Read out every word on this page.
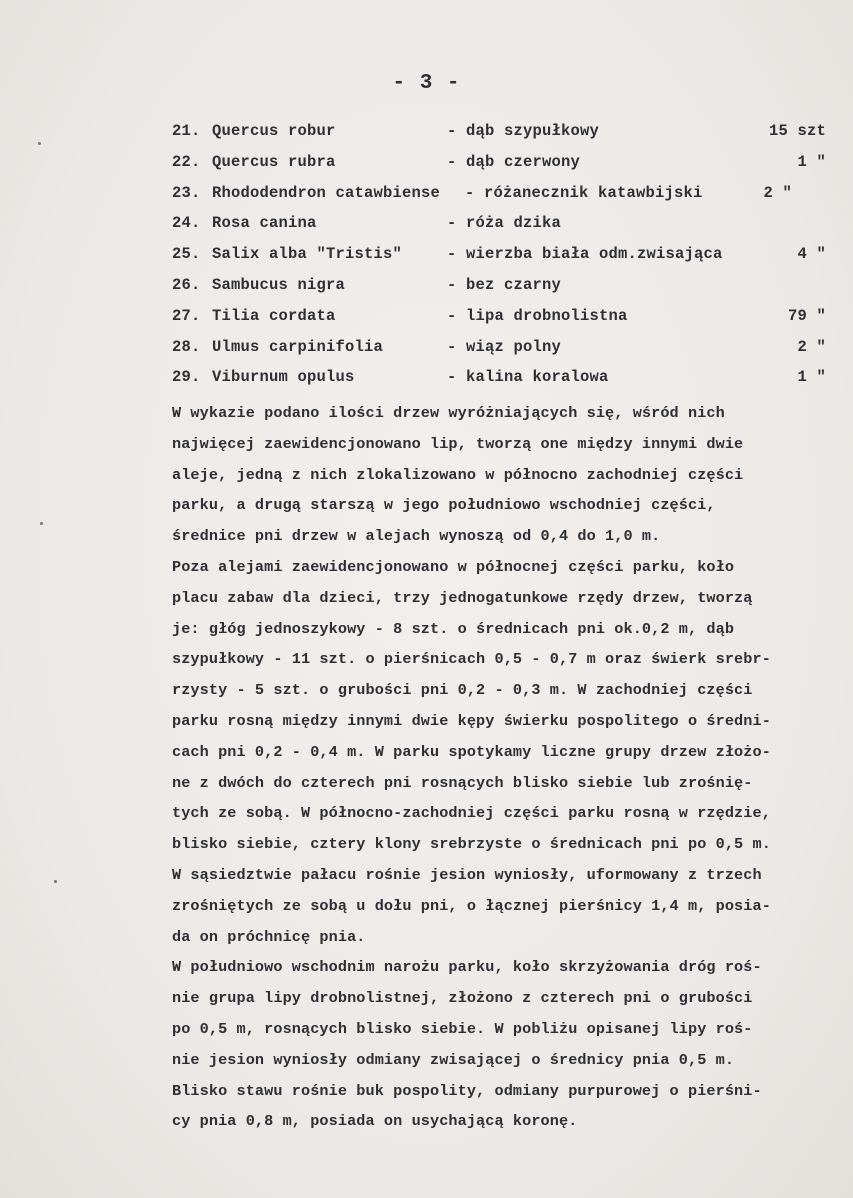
- 3 -
21. Quercus robur	- dąb szypułkowy	15 szt
22. Quercus rubra	- dąb czerwony	1 "
23. Rhododendron catawbiense - różanecznik katawbijski	2 "
24. Rosa canina	- róża dzika
25. Salix alba "Tristis"	- wierzba biała odm.zwisająca	4 "
26. Sambucus nigra	- bez czarny
27. Tilia cordata	- lipa drobnolistna	79 "
28. Ulmus carpinifolia	- wiąz polny	2 "
29. Viburnum opulus	- kalina koralowa	1 "
W wykazie podano ilości drzew wyróżniających się, wśród nich
najwięcej zaewidencjonowano lip, tworzą one między innymi dwie
aleje, jedną z nich zlokalizowano w północno zachodniej części
parku, a drugą starszą w jego południowo wschodniej części,
średnice pni drzew w alejach wynoszą od 0,4 do 1,0 m.
Poza alejami zaewidencjonowano w północnej części parku, koło
placu zabaw dla dzieci, trzy jednogatunkowe rzędy drzew, tworzą
je: głóg jednoszykowy - 8 szt. o średnicach pni ok.0,2 m, dąb
szypułkowy - 11 szt. o pierśnicach 0,5 - 0,7 m oraz świerk srebr-
rzysty - 5 szt. o grubości pni 0,2 - 0,3 m. W zachodniej części
parku rosną między innymi dwie kępy świerku pospolitego o średni-
cach pni 0,2 - 0,4 m. W parku spotykamy liczne grupy drzew złożo-
ne z dwóch do czterech pni rosnących blisko siebie lub zrośnię-
tych ze sobą. W północno-zachodniej części parku rosną w rzędzie,
blisko siebie, cztery klony srebrzyste o średnicach pni po 0,5 m.
W sąsiedztwie pałacu rośnie jesion wyniosły, uformowany z trzech
zrośniętych ze sobą u dołu pni, o łącznej pierśnicy 1,4 m, posia-
da on próchnicę pnia.
W południowo wschodnim narożu parku, koło skrzyżowania dróg roś-
nie grupa lipy drobnolistnej, złożono z czterech pni o grubości
po 0,5 m, rosnących blisko siebie. W pobliżu opisanej lipy roś-
nie jesion wyniosły odmiany zwisającej o średnicy pnia 0,5 m.
Blisko stawu rośnie buk pospolity, odmiany purpurowej o pierśni-
cy pnia 0,8 m, posiada on usychającą koronę.
